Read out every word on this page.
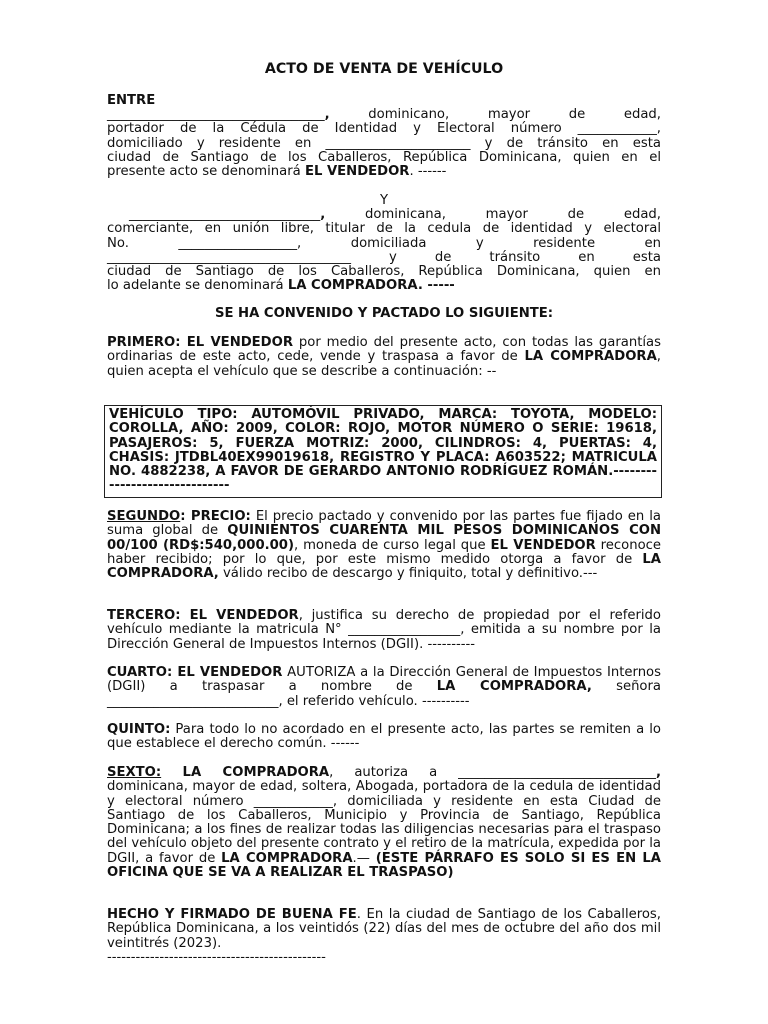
ACTO DE VENTA DE VEHÍCULO
ENTRE
_________________________________, dominicano, mayor de edad,
portador de la Cédula de Identidad y Electoral número ____________,
domiciliado y residente en ______________________ y de tránsito en esta
ciudad de Santiago de los Caballeros, República Dominicana, quien en el
presente acto se denominará EL VENDEDOR. ------
Y
_____________________________, dominicana, mayor de edad,
comerciante, en unión libre, titular de la cedula de identidad y electoral
No. __________________, domiciliada y residente en
_____________________________________ y de tránsito en esta
ciudad de Santiago de los Caballeros, República Dominicana, quien en
lo adelante se denominará LA COMPRADORA. -----
SE HA CONVENIDO Y PACTADO LO SIGUIENTE:

PRIMERO: EL VENDEDOR por medio del presente acto, con todas las garantías ordinarias de este acto, cede, vende y traspasa a favor de LA COMPRADORA, quien acepta el vehículo que se describe a continuación: --

VEHÍCULO TIPO: AUTOMÓVIL PRIVADO, MARCA: TOYOTA, MODELO: COROLLA, AÑO: 2009, COLOR: ROJO, MOTOR NÚMERO O SERIE: 19618, PASAJEROS: 5, FUERZA MOTRIZ: 2000, CILINDROS: 4, PUERTAS: 4, CHASIS: JTDBL40EX99019618, REGISTRO Y PLACA: A603522; MATRICULA NO. 4882238, A FAVOR DE GERARDO ANTONIO RODRÍGUEZ ROMÁN.------------------------------

SEGUNDO: PRECIO: El precio pactado y convenido por las partes fue fijado en la suma global de QUINIENTOS CUARENTA MIL PESOS DOMINICANOS CON 00/100 (RD$:540,000.00), moneda de curso legal que EL VENDEDOR reconoce haber recibido; por lo que, por este mismo medido otorga a favor de LA COMPRADORA, válido recibo de descargo y finiquito, total y definitivo.---

TERCERO: EL VENDEDOR, justifica su derecho de propiedad por el referido vehículo mediante la matricula N° _________________, emitida a su nombre por la Dirección General de Impuestos Internos (DGII). ----------

CUARTO: EL VENDEDOR AUTORIZA a la Dirección General de Impuestos Internos (DGII) a traspasar a nombre de LA COMPRADORA, señora __________________________, el referido vehículo. ----------

QUINTO: Para todo lo no acordado en el presente acto, las partes se remiten a lo que establece el derecho común. ------

SEXTO: LA COMPRADORA, autoriza a ______________________________, dominicana, mayor de edad, soltera, Abogada, portadora de la cedula de identidad y electoral número ____________, domiciliada y residente en esta Ciudad de Santiago de los Caballeros, Municipio y Provincia de Santiago, República Dominicana; a los fines de realizar todas las diligencias necesarias para el traspaso del vehículo objeto del presente contrato y el retiro de la matrícula, expedida por la DGII, a favor de LA COMPRADORA.— (ESTE PÁRRAFO ES SOLO SI ES EN LA OFICINA QUE SE VA A REALIZAR EL TRASPASO)

HECHO Y FIRMADO DE BUENA FE. En la ciudad de Santiago de los Caballeros, República Dominicana, a los veintidós (22) días del mes de octubre del año dos mil veintitrés (2023).
----------------------------------------------
